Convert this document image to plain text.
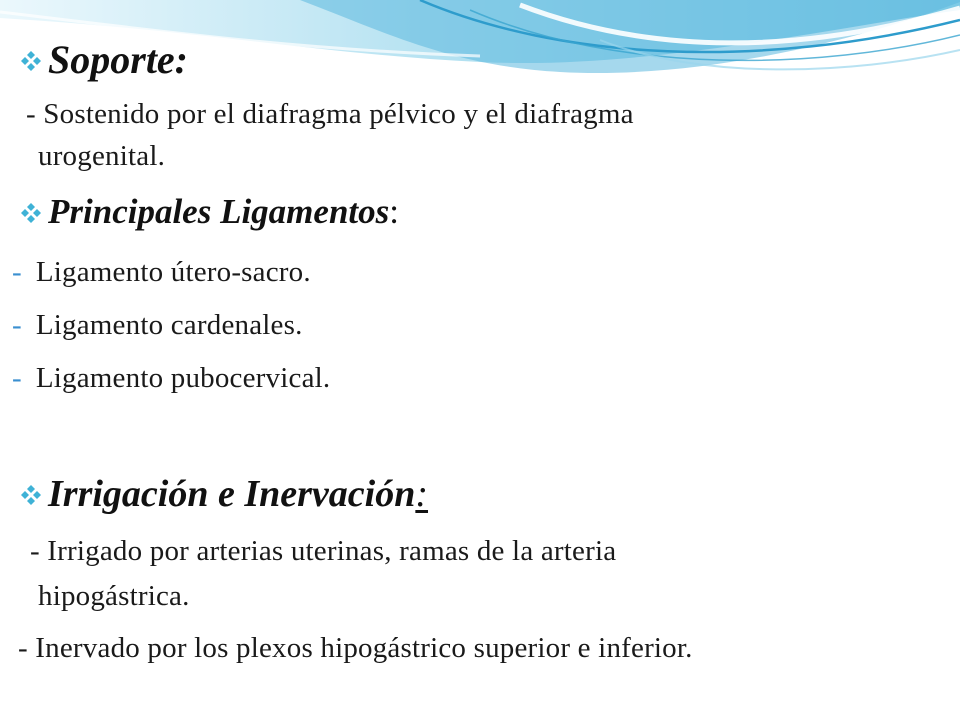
Soporte:
- Sostenido por el diafragma pélvico y el diafragma
urogenital.
Principales Ligamentos :
- Ligamento útero-sacro.
- Ligamento cardenales.
- Ligamento pubocervical.
Irrigación e Inervación :
- Irrigado por arterias uterinas, ramas de la arteria
hipogástrica.
- Inervado por los plexos hipogástrico superior e inferior.
